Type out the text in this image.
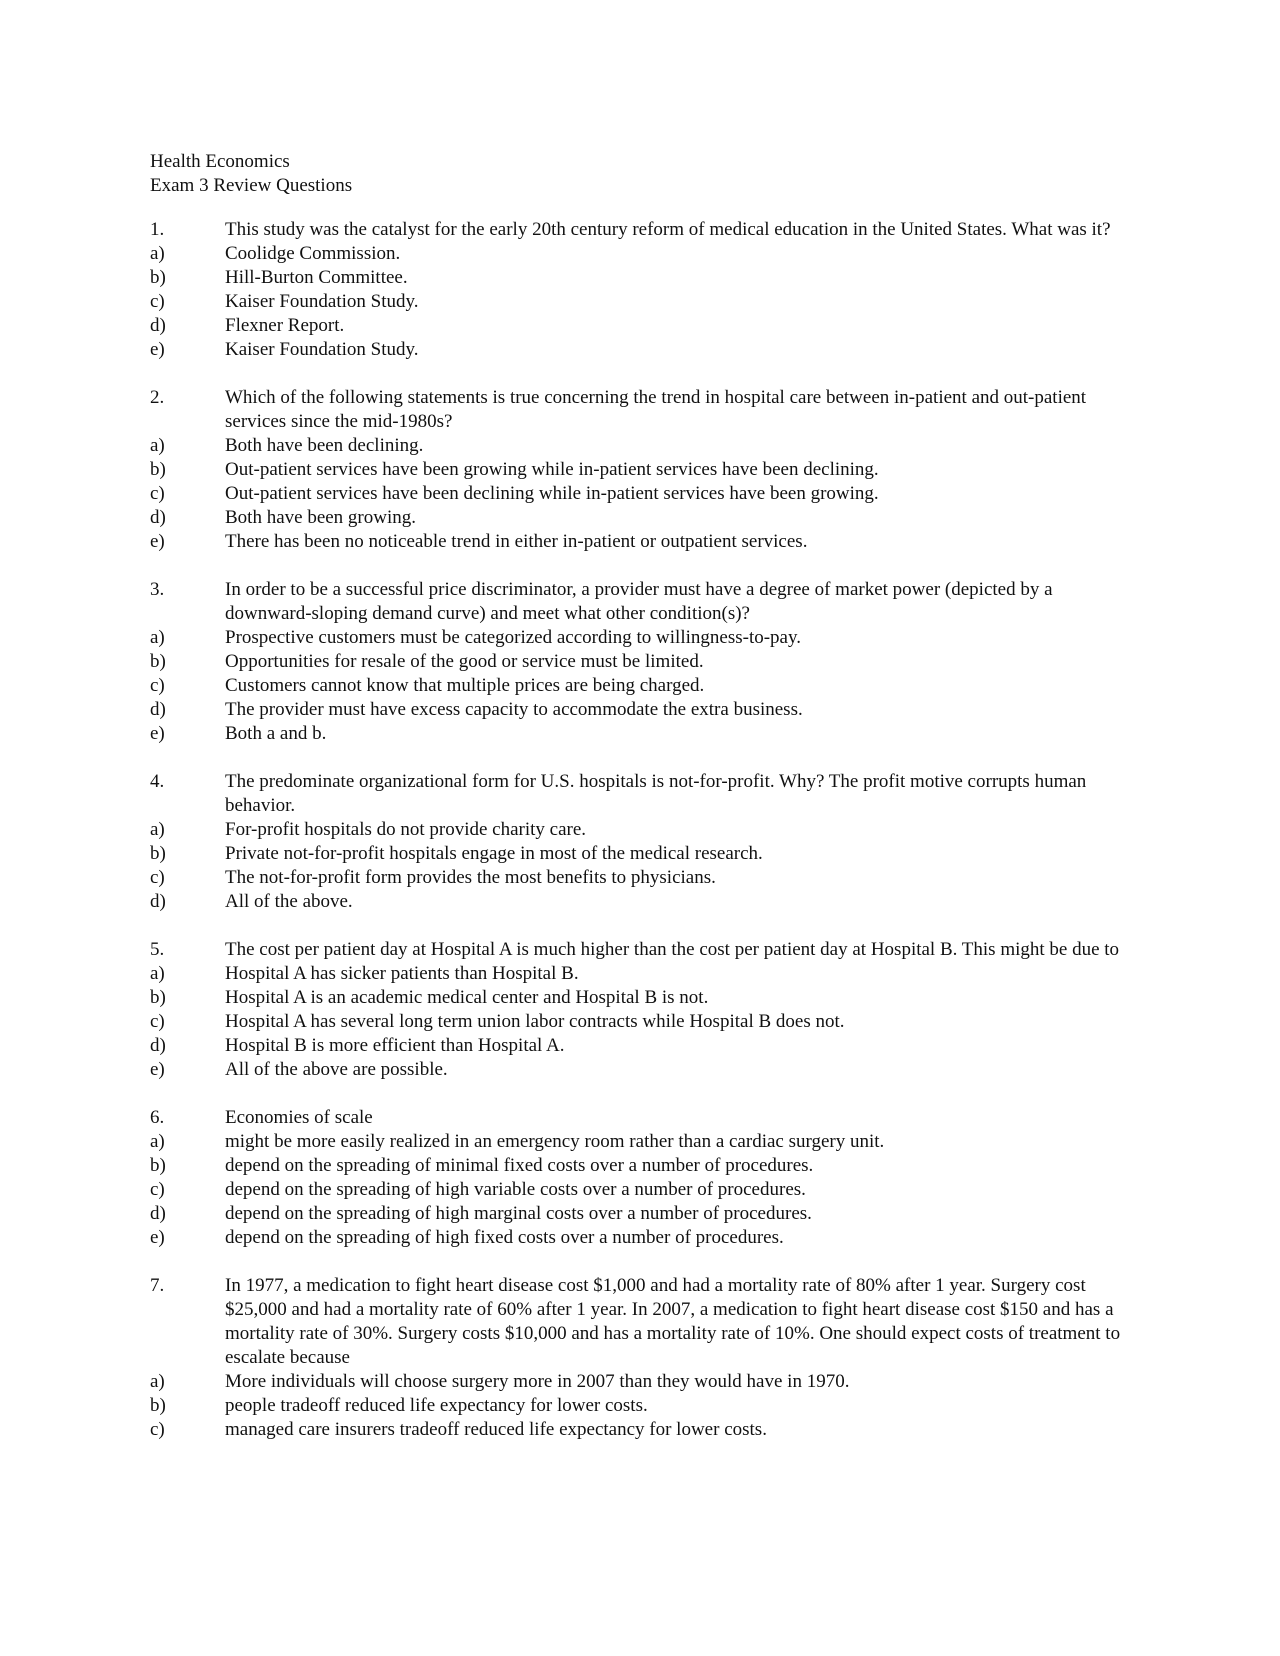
Health Economics
Exam 3 Review Questions
1.	This study was the catalyst for the early 20th century reform of medical education in the United States. What was it?
a)	Coolidge Commission.
b)	Hill-Burton Committee.
c)	Kaiser Foundation Study.
d)	Flexner Report.
e)	Kaiser Foundation Study.
2.	Which of the following statements is true concerning the trend in hospital care between in-patient and out-patient services since the mid-1980s?
a)	Both have been declining.
b)	Out-patient services have been growing while in-patient services have been declining.
c)	Out-patient services have been declining while in-patient services have been growing.
d)	Both have been growing.
e)	There has been no noticeable trend in either in-patient or outpatient services.
3.	In order to be a successful price discriminator, a provider must have a degree of market power (depicted by a downward-sloping demand curve) and meet what other condition(s)?
a)	Prospective customers must be categorized according to willingness-to-pay.
b)	Opportunities for resale of the good or service must be limited.
c)	Customers cannot know that multiple prices are being charged.
d)	The provider must have excess capacity to accommodate the extra business.
e)	Both a and b.
4.	The predominate organizational form for U.S. hospitals is not-for-profit. Why? The profit motive corrupts human behavior.
a)	For-profit hospitals do not provide charity care.
b)	Private not-for-profit hospitals engage in most of the medical research.
c)	The not-for-profit form provides the most benefits to physicians.
d)	All of the above.
5.	The cost per patient day at Hospital A is much higher than the cost per patient day at Hospital B. This might be due to
a)	Hospital A has sicker patients than Hospital B.
b)	Hospital A is an academic medical center and Hospital B is not.
c)	Hospital A has several long term union labor contracts while Hospital B does not.
d)	Hospital B is more efficient than Hospital A.
e)	All of the above are possible.
6.	Economies of scale
a)	might be more easily realized in an emergency room rather than a cardiac surgery unit.
b)	depend on the spreading of minimal fixed costs over a number of procedures.
c)	depend on the spreading of high variable costs over a number of procedures.
d)	depend on the spreading of high marginal costs over a number of procedures.
e)	depend on the spreading of high fixed costs over a number of procedures.
7.	In 1977, a medication to fight heart disease cost $1,000 and had a mortality rate of 80% after 1 year. Surgery cost $25,000 and had a mortality rate of 60% after 1 year. In 2007, a medication to fight heart disease cost $150 and has a mortality rate of 30%. Surgery costs $10,000 and has a mortality rate of 10%. One should expect costs of treatment to escalate because
a)	More individuals will choose surgery more in 2007 than they would have in 1970.
b)	people tradeoff reduced life expectancy for lower costs.
c)	managed care insurers tradeoff reduced life expectancy for lower costs.
